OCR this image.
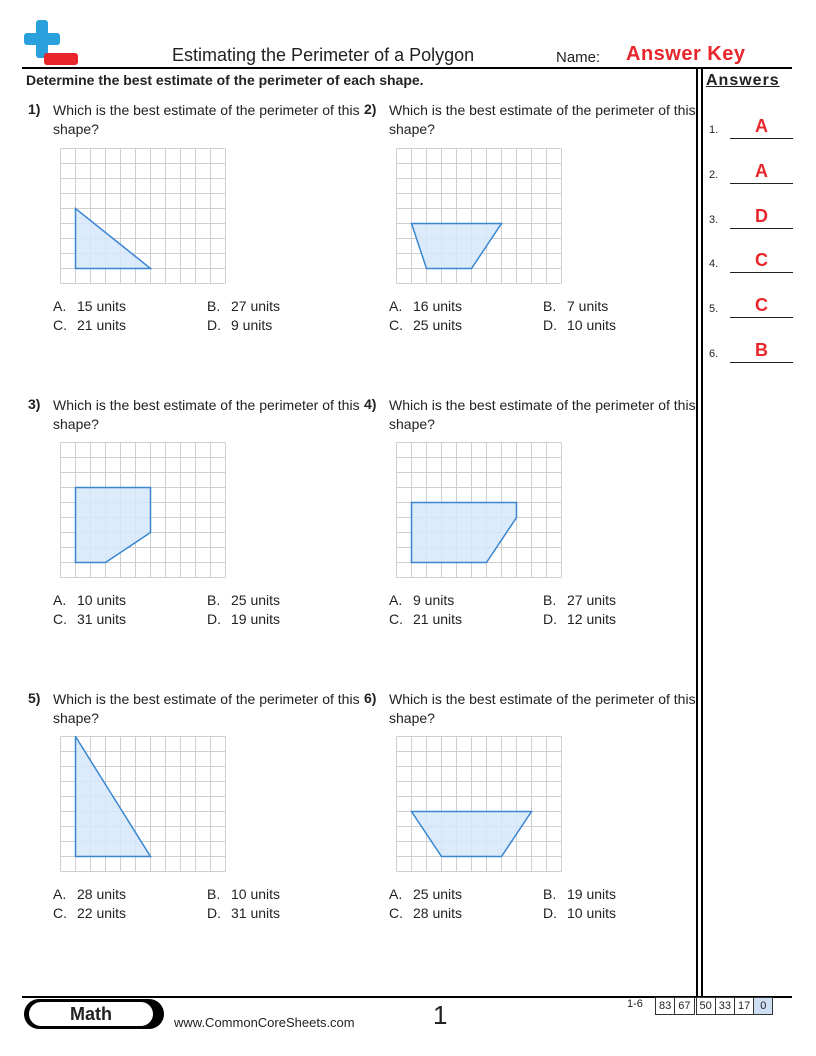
Estimating the Perimeter of a Polygon	Name: Answer Key
Determine the best estimate of the perimeter of each shape.	Answers
1.	A
2.	A
3.	D
4.	C
5.	C
6.	B
1) Which is the best estimate of the perimeter of this shape?
A. 15 units	B. 27 units
C. 21 units	D. 9 units
2) Which is the best estimate of the perimeter of this shape?
A. 16 units	B. 7 units
C. 25 units	D. 10 units
3) Which is the best estimate of the perimeter of this shape?
A. 10 units	B. 25 units
C. 31 units	D. 19 units
4) Which is the best estimate of the perimeter of this shape?
A. 9 units	B. 27 units
C. 21 units	D. 12 units
5) Which is the best estimate of the perimeter of this shape?
A. 28 units	B. 10 units
C. 22 units	D. 31 units
6) Which is the best estimate of the perimeter of this shape?
A. 25 units	B. 19 units
C. 28 units	D. 10 units
Math	www.CommonCoreSheets.com	1	1-6	83 67 50 33 17 0
